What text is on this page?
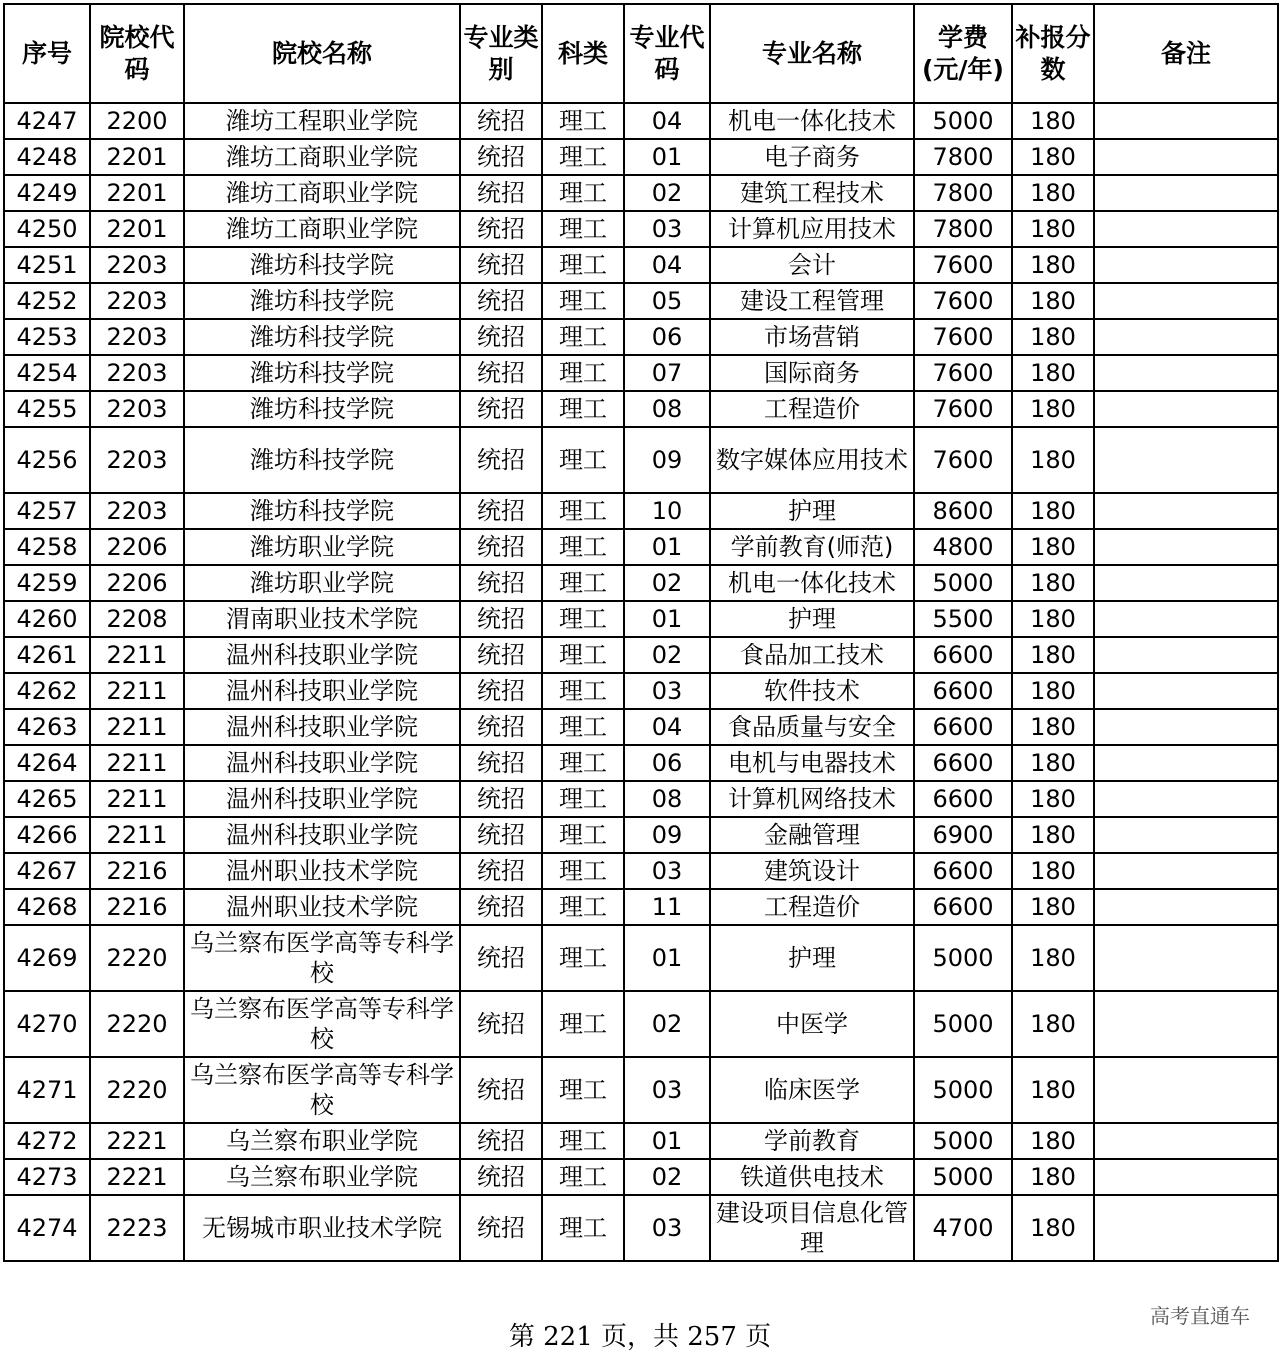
序号	院校代码	院校名称	专业类别	科类	专业代码	专业名称	学费(元/年)	补报分数	备注
4247	2200	潍坊工程职业学院	统招	理工	04	机电一体化技术	5000	180	
4248	2201	潍坊工商职业学院	统招	理工	01	电子商务	7800	180	
4249	2201	潍坊工商职业学院	统招	理工	02	建筑工程技术	7800	180	
4250	2201	潍坊工商职业学院	统招	理工	03	计算机应用技术	7800	180	
4251	2203	潍坊科技学院	统招	理工	04	会计	7600	180	
4252	2203	潍坊科技学院	统招	理工	05	建设工程管理	7600	180	
4253	2203	潍坊科技学院	统招	理工	06	市场营销	7600	180	
4254	2203	潍坊科技学院	统招	理工	07	国际商务	7600	180	
4255	2203	潍坊科技学院	统招	理工	08	工程造价	7600	180	
4256	2203	潍坊科技学院	统招	理工	09	数字媒体应用技术	7600	180	
4257	2203	潍坊科技学院	统招	理工	10	护理	8600	180	
4258	2206	潍坊职业学院	统招	理工	01	学前教育(师范)	4800	180	
4259	2206	潍坊职业学院	统招	理工	02	机电一体化技术	5000	180	
4260	2208	渭南职业技术学院	统招	理工	01	护理	5500	180	
4261	2211	温州科技职业学院	统招	理工	02	食品加工技术	6600	180	
4262	2211	温州科技职业学院	统招	理工	03	软件技术	6600	180	
4263	2211	温州科技职业学院	统招	理工	04	食品质量与安全	6600	180	
4264	2211	温州科技职业学院	统招	理工	06	电机与电器技术	6600	180	
4265	2211	温州科技职业学院	统招	理工	08	计算机网络技术	6600	180	
4266	2211	温州科技职业学院	统招	理工	09	金融管理	6900	180	
4267	2216	温州职业技术学院	统招	理工	03	建筑设计	6600	180	
4268	2216	温州职业技术学院	统招	理工	11	工程造价	6600	180	
4269	2220	乌兰察布医学高等专科学校	统招	理工	01	护理	5000	180	
4270	2220	乌兰察布医学高等专科学校	统招	理工	02	中医学	5000	180	
4271	2220	乌兰察布医学高等专科学校	统招	理工	03	临床医学	5000	180	
4272	2221	乌兰察布职业学院	统招	理工	01	学前教育	5000	180	
4273	2221	乌兰察布职业学院	统招	理工	02	铁道供电技术	5000	180	
4274	2223	无锡城市职业技术学院	统招	理工	03	建设项目信息化管理	4700	180	
第 221 页，共 257 页
高考直通车
